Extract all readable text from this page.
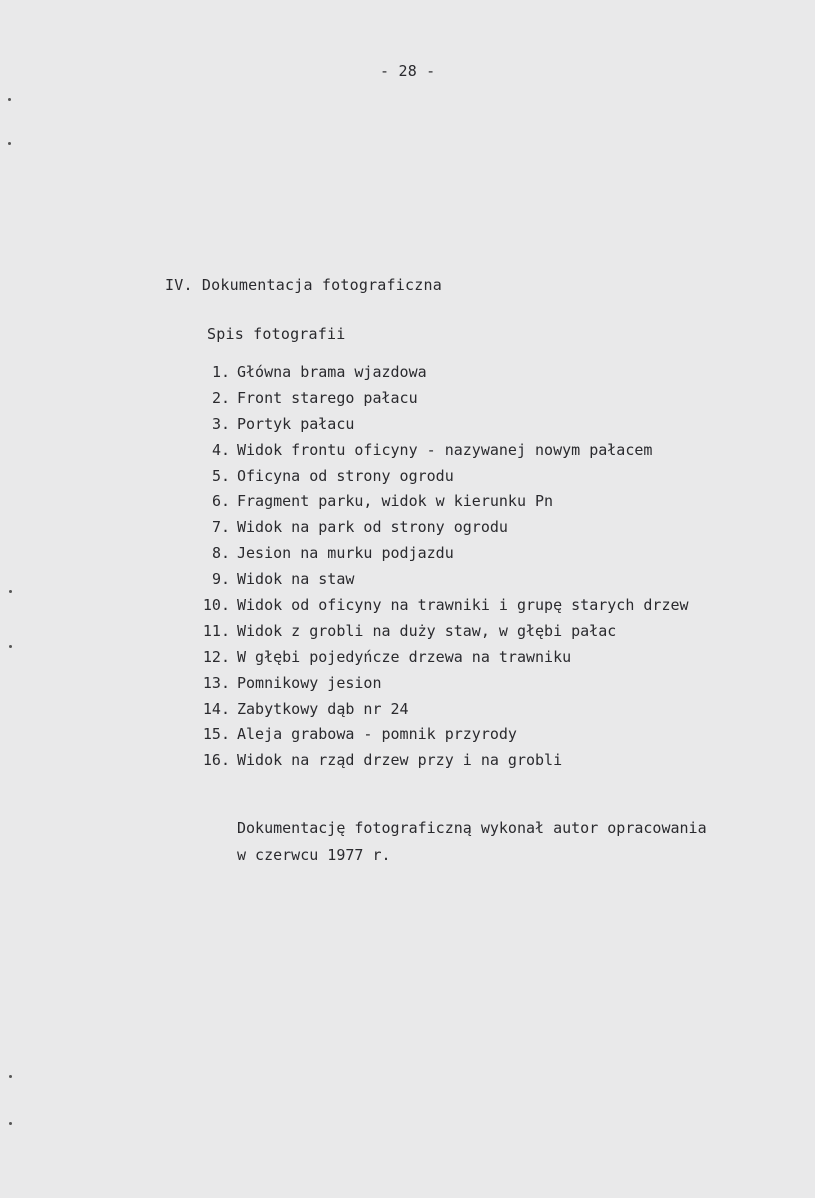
- 28 -
IV. Dokumentacja fotograficzna
Spis fotografii
1. Główna brama wjazdowa
2. Front starego pałacu
3. Portyk pałacu
4. Widok frontu oficyny - nazywanej nowym pałacem
5. Oficyna od strony ogrodu
6. Fragment parku, widok w kierunku Pn
7. Widok na park od strony ogrodu
8. Jesion na murku podjazdu
9. Widok na staw
10. Widok od oficyny na trawniki i grupę starych drzew
11. Widok z grobli na duży staw, w głębi pałac
12. W głębi pojedyńcze drzewa na trawniku
13. Pomnikowy jesion
14. Zabytkowy dąb nr 24
15. Aleja grabowa - pomnik przyrody
16. Widok na rząd drzew przy i na grobli
Dokumentację fotograficzną wykonał autor opracowania
w czerwcu 1977 r.
